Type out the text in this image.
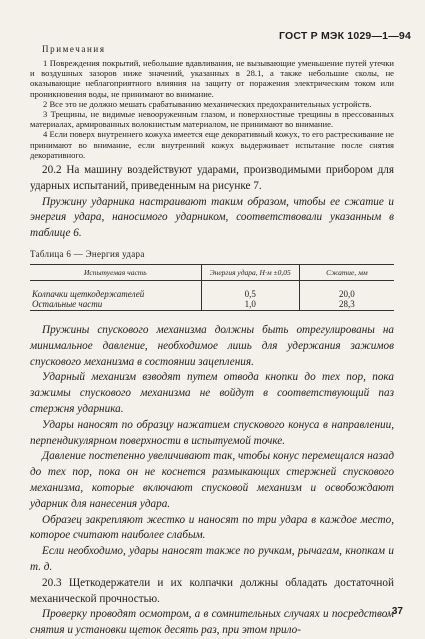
ГОСТ Р МЭК 1029—1—94

Примечания

1 Повреждения покрытий, небольшие вдавливания, не вызывающие уменьшение путей утечки и воздушных зазоров ниже значений, указанных в 28.1, а также небольшие сколы, не оказывающие неблагоприятного влияния на защиту от поражения электрическим током или проникновения воды, не принимают во внимание.

2 Все это не должно мешать срабатыванию механических предохранительных устройств.

3 Трещины, не видимые невооруженным глазом, и поверхностные трещины в прессованных материалах, армированных волокнистым материалом, не принимают во внимание.

4 Если поверх внутреннего кожуха имеется еще декоративный кожух, то его растрескивание не принимают во внимание, если внутренний кожух выдерживает испытание после снятия декоративного.

20.2 На машину воздействуют ударами, производимыми прибором для ударных испытаний, приведенным на рисунке 7.

Пружину ударника настраивают таким образом, чтобы ее сжатие и энергия удара, наносимого ударником, соответствовали указанным в таблице 6.

Таблица 6 — Энергия удара

Испытуемая часть	Энергия удара, Н·м ±0,05	Сжатие, мм
Колпачки щеткодержателей	0,5	20,0
Остальные части	1,0	28,3

Пружины спускового механизма должны быть отрегулированы на минимальное давление, необходимое лишь для удержания зажимов спускового механизма в состоянии зацепления.

Ударный механизм взводят путем отвода кнопки до тех пор, пока зажимы спускового механизма не войдут в соответствующий паз стержня ударника.

Удары наносят по образцу нажатием спускового конуса в направлении, перпендикулярном поверхности в испытуемой точке.

Давление постепенно увеличивают так, чтобы конус перемещался назад до тех пор, пока он не коснется размыкающих стержней спускового механизма, которые включают спусковой механизм и освобождают ударник для нанесения удара.

Образец закрепляют жестко и наносят по три удара в каждое место, которое считают наиболее слабым.

Если необходимо, удары наносят также по ручкам, рычагам, кнопкам и т. д.

20.3 Щеткодержатели и их колпачки должны обладать достаточной механической прочностью.

Проверку проводят осмотром, а в сомнительных случаях и посредством снятия и установки щеток десять раз, при этом прило-

37
